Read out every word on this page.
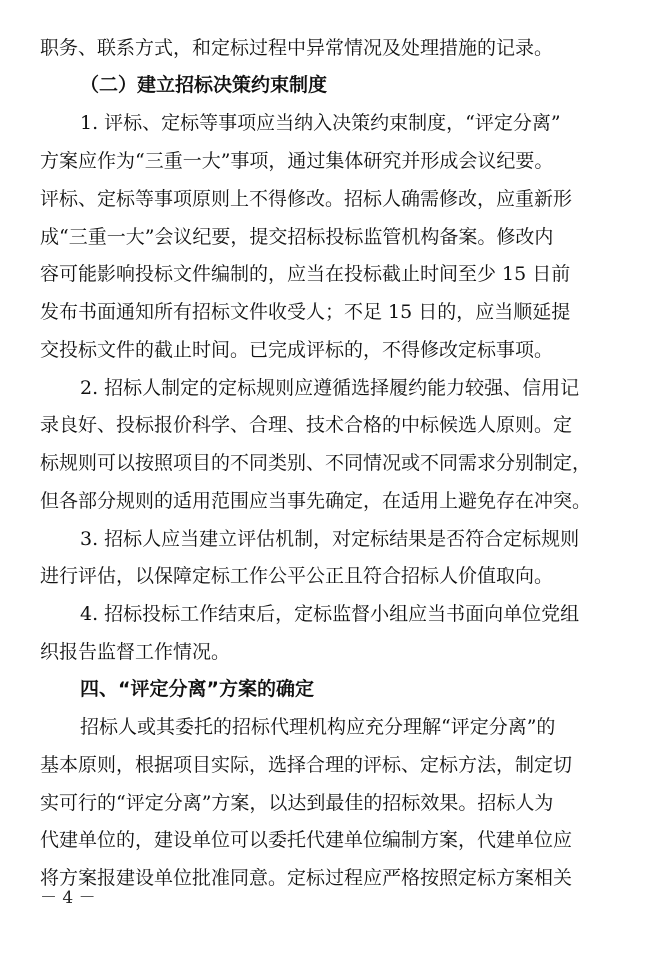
职务、联系方式，和定标过程中异常情况及处理措施的记录。
（二）建立招标决策约束制度
1. 评标、定标等事项应当纳入决策约束制度，“评定分离”
方案应作为“三重一大”事项，通过集体研究并形成会议纪要。
评标、定标等事项原则上不得修改。招标人确需修改，应重新形
成“三重一大”会议纪要，提交招标投标监管机构备案。修改内
容可能影响投标文件编制的，应当在投标截止时间至少 15 日前
发布书面通知所有招标文件收受人；不足 15 日的，应当顺延提
交投标文件的截止时间。已完成评标的，不得修改定标事项。
2. 招标人制定的定标规则应遵循选择履约能力较强、信用记
录良好、投标报价科学、合理、技术合格的中标候选人原则。定
标规则可以按照项目的不同类别、不同情况或不同需求分别制定，
但各部分规则的适用范围应当事先确定，在适用上避免存在冲突。
3. 招标人应当建立评估机制，对定标结果是否符合定标规则
进行评估，以保障定标工作公平公正且符合招标人价值取向。
4. 招标投标工作结束后，定标监督小组应当书面向单位党组
织报告监督工作情况。
四、“评定分离”方案的确定
招标人或其委托的招标代理机构应充分理解“评定分离”的
基本原则，根据项目实际，选择合理的评标、定标方法，制定切
实可行的“评定分离”方案，以达到最佳的招标效果。招标人为
代建单位的，建设单位可以委托代建单位编制方案，代建单位应
将方案报建设单位批准同意。定标过程应严格按照定标方案相关
－ 4 －
